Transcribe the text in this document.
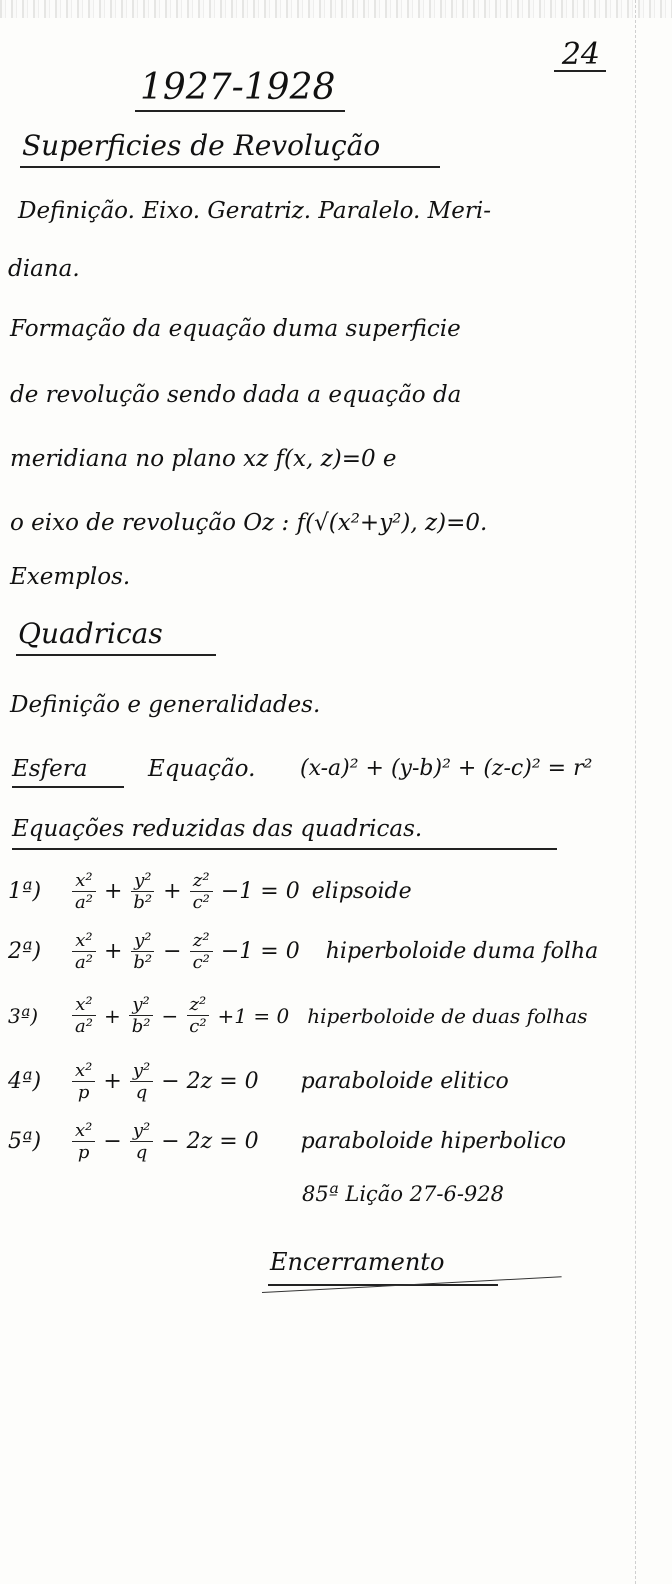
24
1927-1928
Superficies de Revolução
Definição. Eixo. Geratriz. Paralelo. Meri-
diana.
Formação da equação duma superficie
de revolução sendo dada a equação da
meridiana no plano xz f(x, z)=0 e
o eixo de revolução Oz : f(√(x²+y²), z)=0.
Exemplos.
Quadricas
Definição e generalidades.
Esfera	Equação. (x-a)² + (y-b)² + (z-c)² = r²
Equações reduzidas das quadricas.
1ª)	$\frac{\text{x²}}{\text{a²}} + \frac{\text{y²}}{\text{b²}} + \frac{\text{z²}}{\text{c²}} -1 = 0$ elipsoide
2ª)	$\frac{\text{x²}}{\text{a²}} + \frac{\text{y²}}{\text{b²}} - \frac{\text{z²}}{\text{c²}} -1 = 0$ hiperboloide duma folha
3ª)	$\frac{\text{x²}}{\text{a²}} + \frac{\text{y²}}{\text{b²}} - \frac{\text{z²}}{\text{c²}} +1 = 0$ hiperboloide de duas folhas
4ª)	$\frac{\text{x²}}{p} + \frac{\text{y²}}{q} - 2z = 0$ paraboloide elitico
5ª)	$\frac{\text{x²}}{p} - \frac{\text{y²}}{q} - 2z = 0$ paraboloide hiperbolico
85ª Lição 27-6-928
Encerramento
